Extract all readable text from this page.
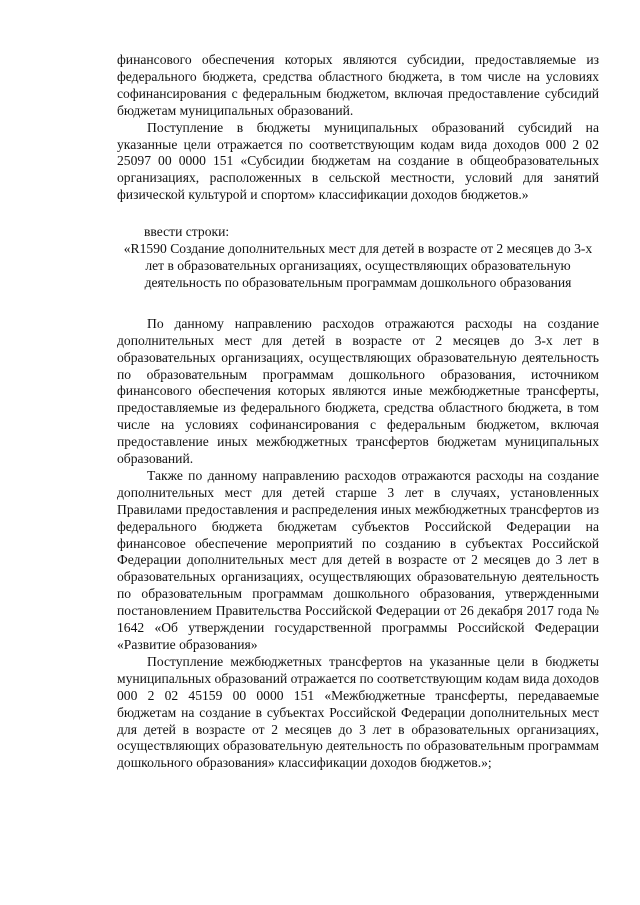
финансового обеспечения которых являются субсидии, предоставляемые из федерального бюджета, средства областного бюджета, в том числе на условиях софинансирования с федеральным бюджетом, включая предоставление субсидий бюджетам муниципальных образований.

Поступление в бюджеты муниципальных образований субсидий на указанные цели отражается по соответствующим кодам вида доходов 000 2 02 25097 00 0000 151 «Субсидии бюджетам на создание в общеобразовательных организациях, расположенных в сельской местности, условий для занятий физической культурой и спортом» классификации доходов бюджетов.»

ввести строки:

«R1590 Создание дополнительных мест для детей в возрасте от 2 месяцев до 3-х лет в образовательных организациях, осуществляющих образовательную деятельность по образовательным программам дошкольного образования

По данному направлению расходов отражаются расходы на создание дополнительных мест для детей в возрасте от 2 месяцев до 3-х лет в образовательных организациях, осуществляющих образовательную деятельность по образовательным программам дошкольного образования, источником финансового обеспечения которых являются иные межбюджетные трансферты, предоставляемые из федерального бюджета, средства областного бюджета, в том числе на условиях софинансирования с федеральным бюджетом, включая предоставление иных межбюджетных трансфертов бюджетам муниципальных образований.

Также по данному направлению расходов отражаются расходы на создание дополнительных мест для детей старше 3 лет в случаях, установленных Правилами предоставления и распределения иных межбюджетных трансфертов из федерального бюджета бюджетам субъектов Российской Федерации на финансовое обеспечение мероприятий по созданию в субъектах Российской Федерации дополнительных мест для детей в возрасте от 2 месяцев до 3 лет в образовательных организациях, осуществляющих образовательную деятельность по образовательным программам дошкольного образования, утвержденными постановлением Правительства Российской Федерации от 26 декабря 2017 года № 1642 «Об утверждении государственной программы Российской Федерации «Развитие образования»

Поступление межбюджетных трансфертов на указанные цели в бюджеты муниципальных образований отражается по соответствующим кодам вида доходов 000 2 02 45159 00 0000 151 «Межбюджетные трансферты, передаваемые бюджетам на создание в субъектах Российской Федерации дополнительных мест для детей в возрасте от 2 месяцев до 3 лет в образовательных организациях, осуществляющих образовательную деятельность по образовательным программам дошкольного образования» классификации доходов бюджетов.»;
